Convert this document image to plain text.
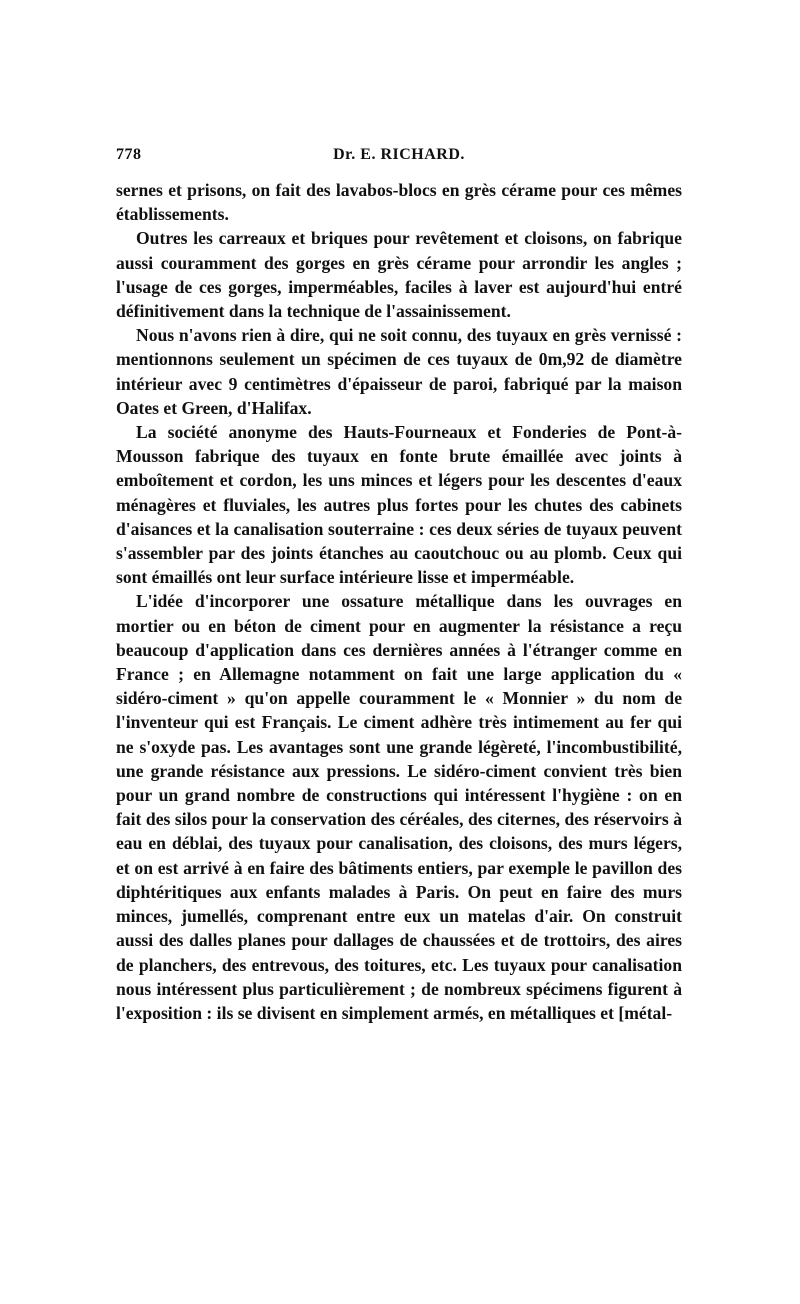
778	Dr. E. RICHARD.

sernes et prisons, on fait des lavabos-blocs en grès cérame pour ces mêmes établissements.

Outres les carreaux et briques pour revêtement et cloisons, on fabrique aussi couramment des gorges en grès cérame pour arrondir les angles ; l'usage de ces gorges, imperméables, faciles à laver est aujourd'hui entré définitivement dans la technique de l'assainissement.

Nous n'avons rien à dire, qui ne soit connu, des tuyaux en grès vernissé : mentionnons seulement un spécimen de ces tuyaux de 0m,92 de diamètre intérieur avec 9 centimètres d'épaisseur de paroi, fabriqué par la maison Oates et Green, d'Halifax.

La société anonyme des Hauts-Fourneaux et Fonderies de Pont-à-Mousson fabrique des tuyaux en fonte brute émaillée avec joints à emboîtement et cordon, les uns minces et légers pour les descentes d'eaux ménagères et fluviales, les autres plus fortes pour les chutes des cabinets d'aisances et la canalisation souterraine : ces deux séries de tuyaux peuvent s'assembler par des joints étanches au caoutchouc ou au plomb. Ceux qui sont émaillés ont leur surface intérieure lisse et imperméable.

L'idée d'incorporer une ossature métallique dans les ouvrages en mortier ou en béton de ciment pour en augmenter la résistance a reçu beaucoup d'application dans ces dernières années à l'étranger comme en France ; en Allemagne notamment on fait une large application du « sidéro-ciment » qu'on appelle couramment le « Monnier » du nom de l'inventeur qui est Français. Le ciment adhère très intimement au fer qui ne s'oxyde pas. Les avantages sont une grande légèreté, l'incombustibilité, une grande résistance aux pressions. Le sidéro-ciment convient très bien pour un grand nombre de constructions qui intéressent l'hygiène : on en fait des silos pour la conservation des céréales, des citernes, des réservoirs à eau en déblai, des tuyaux pour canalisation, des cloisons, des murs légers, et on est arrivé à en faire des bâtiments entiers, par exemple le pavillon des diphtéritiques aux enfants malades à Paris. On peut en faire des murs minces, jumellés, comprenant entre eux un matelas d'air. On construit aussi des dalles planes pour dallages de chaussées et de trottoirs, des aires de planchers, des entrevous, des toitures, etc. Les tuyaux pour canalisation nous intéressent plus particulièrement ; de nombreux spécimens figurent à l'exposition : ils se divisent en simplement armés, en métalliques et [métal-
